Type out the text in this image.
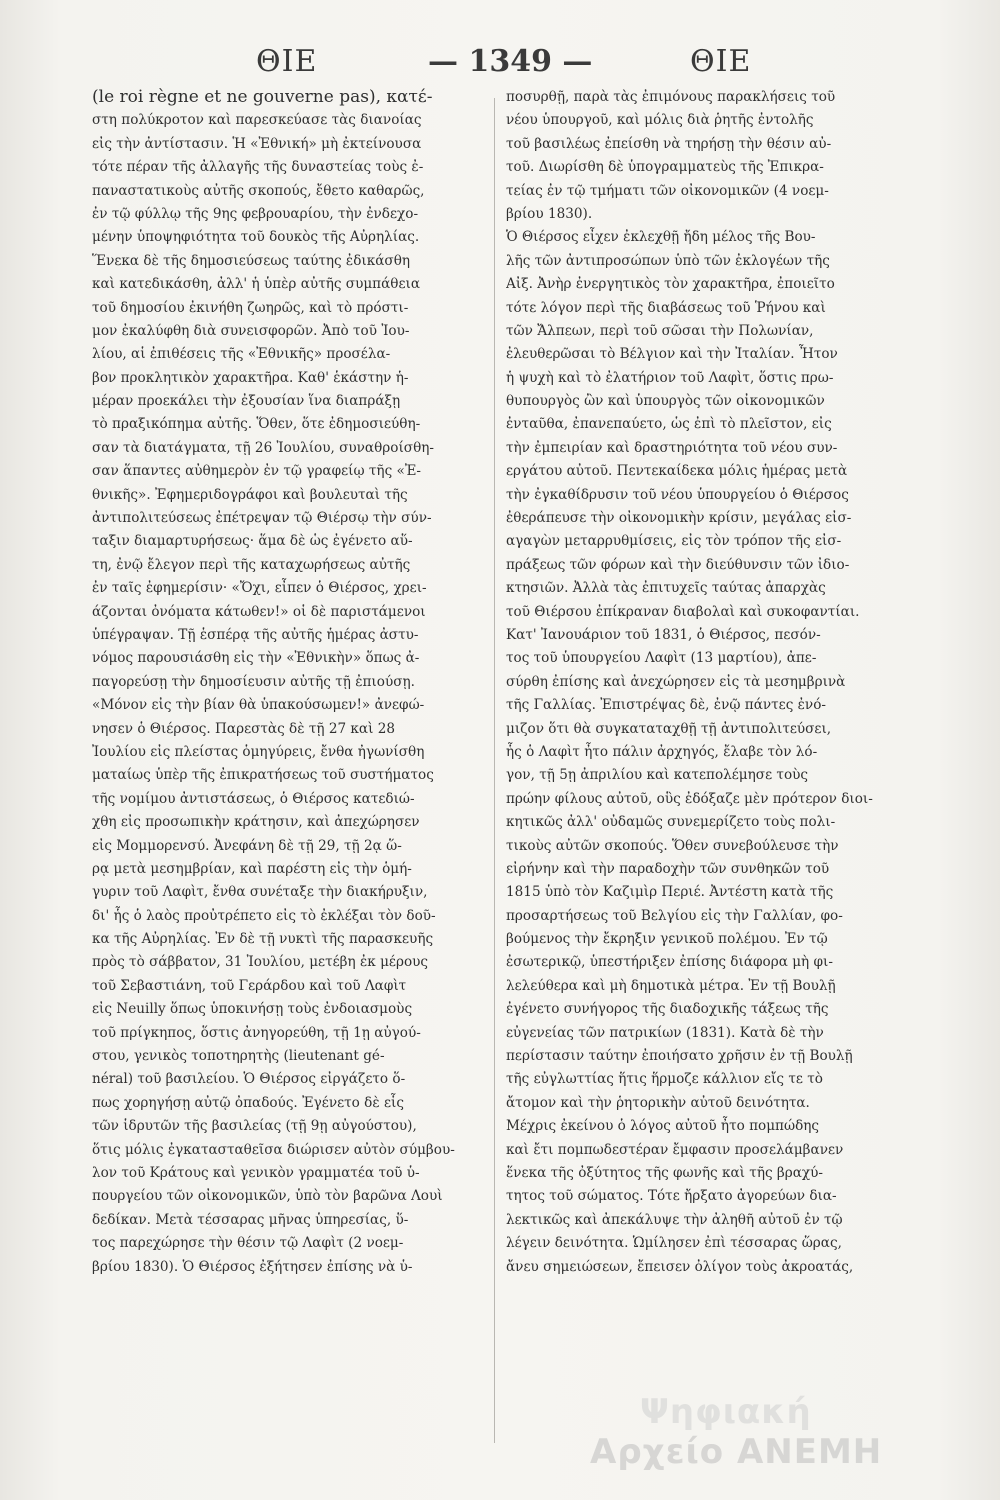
ΘΙΕ	— 1349 —	ΘΙΕ
(le roi règne et ne gouverne pas), κατέ-
στη πολύκροτον καὶ παρεσκεύασε τὰς διανοίας
εἰς τὴν ἀντίστασιν. Ἡ «Ἐθνική» μὴ ἐκτείνουσα
τότε πέραν τῆς ἀλλαγῆς τῆς δυναστείας τοὺς ἐ-
παναστατικοὺς αὐτῆς σκοπούς, ἔθετο καθαρῶς,
ἐν τῷ φύλλῳ τῆς 9ης φεβρουαρίου, τὴν ἐνδεχο-
μένην ὑποψηφιότητα τοῦ δουκὸς τῆς Αὐρηλίας.
Ἕνεκα δὲ τῆς δημοσιεύσεως ταύτης ἐδικάσθη
καὶ κατεδικάσθη, ἀλλ' ἡ ὑπὲρ αὐτῆς συμπάθεια
τοῦ δημοσίου ἐκινήθη ζωηρῶς, καὶ τὸ πρόστι-
μον ἐκαλύφθη διὰ συνεισφορῶν. Ἀπὸ τοῦ Ἰου-
λίου, αἱ ἐπιθέσεις τῆς «Ἐθνικῆς» προσέλα-
βον προκλητικὸν χαρακτῆρα. Καθ' ἑκάστην ἡ-
μέραν προεκάλει τὴν ἐξουσίαν ἵνα διαπράξῃ
τὸ πραξικόπημα αὐτῆς. Ὅθεν, ὅτε ἐδημοσιεύθη-
σαν τὰ διατάγματα, τῇ 26 Ἰουλίου, συναθροίσθη-
σαν ἅπαντες αὐθημερὸν ἐν τῷ γραφείῳ τῆς «Ἐ-
θνικῆς». Ἐφημεριδογράφοι καὶ βουλευταὶ τῆς
ἀντιπολιτεύσεως ἐπέτρεψαν τῷ Θιέρσῳ τὴν σύν-
ταξιν διαμαρτυρήσεως· ἅμα δὲ ὡς ἐγένετο αὕ-
τη, ἐνῷ ἔλεγον περὶ τῆς καταχωρήσεως αὐτῆς
ἐν ταῖς ἐφημερίσιν· «Ὄχι, εἶπεν ὁ Θιέρσος, χρει-
άζονται ὀνόματα κάτωθεν!» οἱ δὲ παριστάμενοι
ὑπέγραψαν. Τῇ ἑσπέρᾳ τῆς αὐτῆς ἡμέρας ἀστυ-
νόμος παρουσιάσθη εἰς τὴν «Ἐθνικὴν» ὅπως ἀ-
παγορεύσῃ τὴν δημοσίευσιν αὐτῆς τῇ ἐπιούσῃ.
«Μόνον εἰς τὴν βίαν θὰ ὑπακούσωμεν!» ἀνεφώ-
νησεν ὁ Θιέρσος. Παρεστὰς δὲ τῇ 27 καὶ 28
Ἰουλίου εἰς πλείστας ὁμηγύρεις, ἔνθα ἠγωνίσθη
ματαίως ὑπὲρ τῆς ἐπικρατήσεως τοῦ συστήματος
τῆς νομίμου ἀντιστάσεως, ὁ Θιέρσος κατεδιώ-
χθη εἰς προσωπικὴν κράτησιν, καὶ ἀπεχώρησεν
εἰς Μομμορενσύ. Ἀνεφάνη δὲ τῇ 29, τῇ 2ᾳ ὥ-
ρᾳ μετὰ μεσημβρίαν, καὶ παρέστη εἰς τὴν ὁμή-
γυριν τοῦ Λαφὶτ, ἔνθα συνέταξε τὴν διακήρυξιν,
δι' ἧς ὁ λαὸς προὐτρέπετο εἰς τὸ ἐκλέξαι τὸν δοῦ-
κα τῆς Αὐρηλίας. Ἐν δὲ τῇ νυκτὶ τῆς παρασκευῆς
πρὸς τὸ σάββατον, 31 Ἰουλίου, μετέβη ἐκ μέρους
τοῦ Σεβαστιάνη, τοῦ Γεράρδου καὶ τοῦ Λαφὶτ
εἰς Neuilly ὅπως ὑποκινήσῃ τοὺς ἐνδοιασμοὺς
τοῦ πρίγκηπος, ὅστις ἀνηγορεύθη, τῇ 1ῃ αὐγού-
στου, γενικὸς τοποτηρητὴς (lieutenant gé-
néral) τοῦ βασιλείου. Ὁ Θιέρσος εἰργάζετο ὅ-
πως χορηγήσῃ αὐτῷ ὀπαδούς. Ἐγένετο δὲ εἷς
τῶν ἱδρυτῶν τῆς βασιλείας (τῇ 9ῃ αὐγούστου),
ὅτις μόλις ἐγκατασταθεῖσα διώρισεν αὐτὸν σύμβου-
λον τοῦ Κράτους καὶ γενικὸν γραμματέα τοῦ ὑ-
πουργείου τῶν οἰκονομικῶν, ὑπὸ τὸν βαρῶνα Λουὶ
δεδίκαν. Μετὰ τέσσαρας μῆνας ὑπηρεσίας, ὕ-
τος παρεχώρησε τὴν θέσιν τῷ Λαφὶτ (2 νοεμ-
βρίου 1830). Ὁ Θιέρσος ἐξήτησεν ἐπίσης νὰ ὑ-
ποσυρθῇ, παρὰ τὰς ἐπιμόνους παρακλήσεις τοῦ
νέου ὑπουργοῦ, καὶ μόλις διὰ ῥητῆς ἐντολῆς
τοῦ βασιλέως ἐπείσθη νὰ τηρήσῃ τὴν θέσιν αὐ-
τοῦ. Διωρίσθη δὲ ὑπογραμματεὺς τῆς Ἐπικρα-
τείας ἐν τῷ τμήματι τῶν οἰκονομικῶν (4 νοεμ-
βρίου 1830).
Ὁ Θιέρσος εἶχεν ἐκλεχθῇ ἤδη μέλος τῆς Βου-
λῆς τῶν ἀντιπροσώπων ὑπὸ τῶν ἐκλογέων τῆς
Αἰξ. Ἀνὴρ ἐνεργητικὸς τὸν χαρακτῆρα, ἐποιεῖτο
τότε λόγον περὶ τῆς διαβάσεως τοῦ Ῥήνου καὶ
τῶν Ἄλπεων, περὶ τοῦ σῶσαι τὴν Πολωνίαν,
ἐλευθερῶσαι τὸ Βέλγιον καὶ τὴν Ἰταλίαν. Ἦτον
ἡ ψυχὴ καὶ τὸ ἐλατήριον τοῦ Λαφὶτ, ὅστις πρω-
θυπουργὸς ὢν καὶ ὑπουργὸς τῶν οἰκονομικῶν
ἐνταῦθα, ἐπανεπαύετο, ὡς ἐπὶ τὸ πλεῖστον, εἰς
τὴν ἐμπειρίαν καὶ δραστηριότητα τοῦ νέου συν-
εργάτου αὐτοῦ. Πεντεκαίδεκα μόλις ἡμέρας μετὰ
τὴν ἐγκαθίδρυσιν τοῦ νέου ὑπουργείου ὁ Θιέρσος
ἐθεράπευσε τὴν οἰκονομικὴν κρίσιν, μεγάλας εἰσ-
αγαγὼν μεταρρυθμίσεις, εἰς τὸν τρόπον τῆς εἰσ-
πράξεως τῶν φόρων καὶ τὴν διεύθυνσιν τῶν ἰδιο-
κτησιῶν. Ἀλλὰ τὰς ἐπιτυχεῖς ταύτας ἀπαρχὰς
τοῦ Θιέρσου ἐπίκραναν διαβολαὶ καὶ συκοφαντίαι.
Κατ' Ἰανουάριον τοῦ 1831, ὁ Θιέρσος, πεσόν-
τος τοῦ ὑπουργείου Λαφὶτ (13 μαρτίου), ἀπε-
σύρθη ἐπίσης καὶ ἀνεχώρησεν εἰς τὰ μεσημβρινὰ
τῆς Γαλλίας. Ἐπιστρέψας δὲ, ἐνῷ πάντες ἐνό-
μιζον ὅτι θὰ συγκαταταχθῇ τῇ ἀντιπολιτεύσει,
ἧς ὁ Λαφὶτ ἦτο πάλιν ἀρχηγός, ἔλαβε τὸν λό-
γον, τῇ 5ῃ ἀπριλίου καὶ κατεπολέμησε τοὺς
πρώην φίλους αὐτοῦ, οὓς ἐδόξαζε μὲν πρότερον διοι-
κητικῶς ἀλλ' οὐδαμῶς συνεμερίζετο τοὺς πολι-
τικοὺς αὐτῶν σκοπούς. Ὅθεν συνεβούλευσε τὴν
εἰρήνην καὶ τὴν παραδοχὴν τῶν συνθηκῶν τοῦ
1815 ὑπὸ τὸν Καζιμὶρ Περιέ. Ἀντέστη κατὰ τῆς
προσαρτήσεως τοῦ Βελγίου εἰς τὴν Γαλλίαν, φο-
βούμενος τὴν ἔκρηξιν γενικοῦ πολέμου. Ἐν τῷ
ἐσωτερικῷ, ὑπεστήριξεν ἐπίσης διάφορα μὴ φι-
λελεύθερα καὶ μὴ δημοτικὰ μέτρα. Ἐν τῇ Βουλῇ
ἐγένετο συνήγορος τῆς διαδοχικῆς τάξεως τῆς
εὐγενείας τῶν πατρικίων (1831). Κατὰ δὲ τὴν
περίστασιν ταύτην ἐποιήσατο χρῆσιν ἐν τῇ Βουλῇ
τῆς εὐγλωττίας ἥτις ἥρμοζε κάλλιον εἴς τε τὸ
ἄτομον καὶ τὴν ῥητορικὴν αὐτοῦ δεινότητα.
Μέχρις ἐκείνου ὁ λόγος αὐτοῦ ἦτο πομπώδης
καὶ ἔτι πομπωδεστέραν ἔμφασιν προσελάμβανεν
ἕνεκα τῆς ὀξύτητος τῆς φωνῆς καὶ τῆς βραχύ-
τητος τοῦ σώματος. Τότε ἤρξατο ἀγορεύων δια-
λεκτικῶς καὶ ἀπεκάλυψε τὴν ἀληθῆ αὐτοῦ ἐν τῷ
λέγειν δεινότητα. Ὡμίλησεν ἐπὶ τέσσαρας ὥρας,
ἄνευ σημειώσεων, ἔπεισεν ὀλίγον τοὺς ἀκροατάς,
Ψηφιακή
Αρχείο ΑΝΕΜΗ
